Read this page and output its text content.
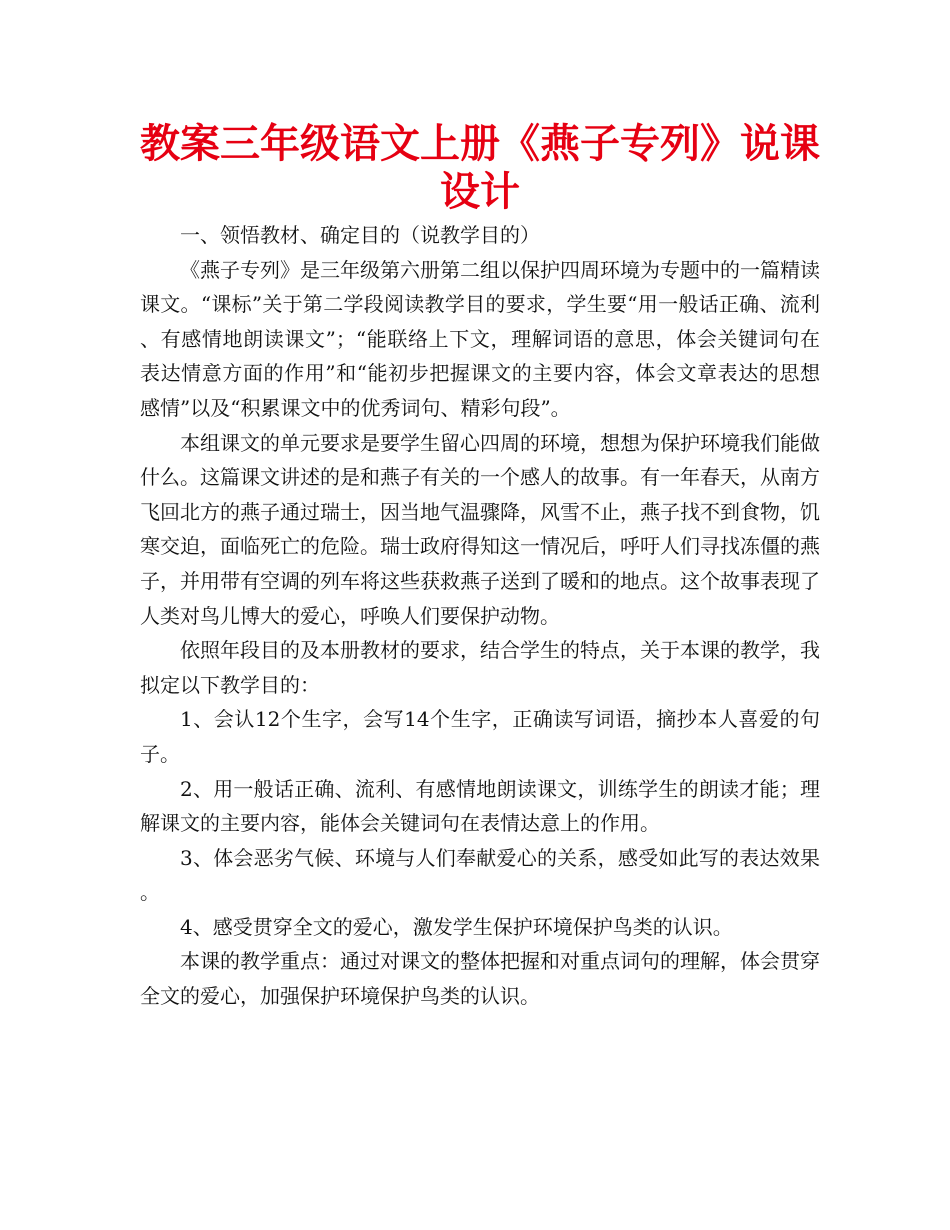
教案三年级语文上册《燕子专列》说课设计

一、领悟教材、确定目的（说教学目的）

《燕子专列》是三年级第六册第二组以保护四周环境为专题中的一篇精读课文。“课标”关于第二学段阅读教学目的要求，学生要“用一般话正确、流利、有感情地朗读课文”；“能联络上下文，理解词语的意思，体会关键词句在表达情意方面的作用”和“能初步把握课文的主要内容，体会文章表达的思想感情”以及“积累课文中的优秀词句、精彩句段”。

本组课文的单元要求是要学生留心四周的环境，想想为保护环境我们能做什么。这篇课文讲述的是和燕子有关的一个感人的故事。有一年春天，从南方飞回北方的燕子通过瑞士，因当地气温骤降，风雪不止，燕子找不到食物，饥寒交迫，面临死亡的危险。瑞士政府得知这一情况后，呼吁人们寻找冻僵的燕子，并用带有空调的列车将这些获救燕子送到了暖和的地点。这个故事表现了人类对鸟儿博大的爱心，呼唤人们要保护动物。

依照年段目的及本册教材的要求，结合学生的特点，关于本课的教学，我拟定以下教学目的：

1、会认12个生字，会写14个生字，正确读写词语，摘抄本人喜爱的句子。

2、用一般话正确、流利、有感情地朗读课文，训练学生的朗读才能；理解课文的主要内容，能体会关键词句在表情达意上的作用。

3、体会恶劣气候、环境与人们奉献爱心的关系，感受如此写的表达效果。

4、感受贯穿全文的爱心，激发学生保护环境保护鸟类的认识。

本课的教学重点：通过对课文的整体把握和对重点词句的理解，体会贯穿全文的爱心，加强保护环境保护鸟类的认识。
